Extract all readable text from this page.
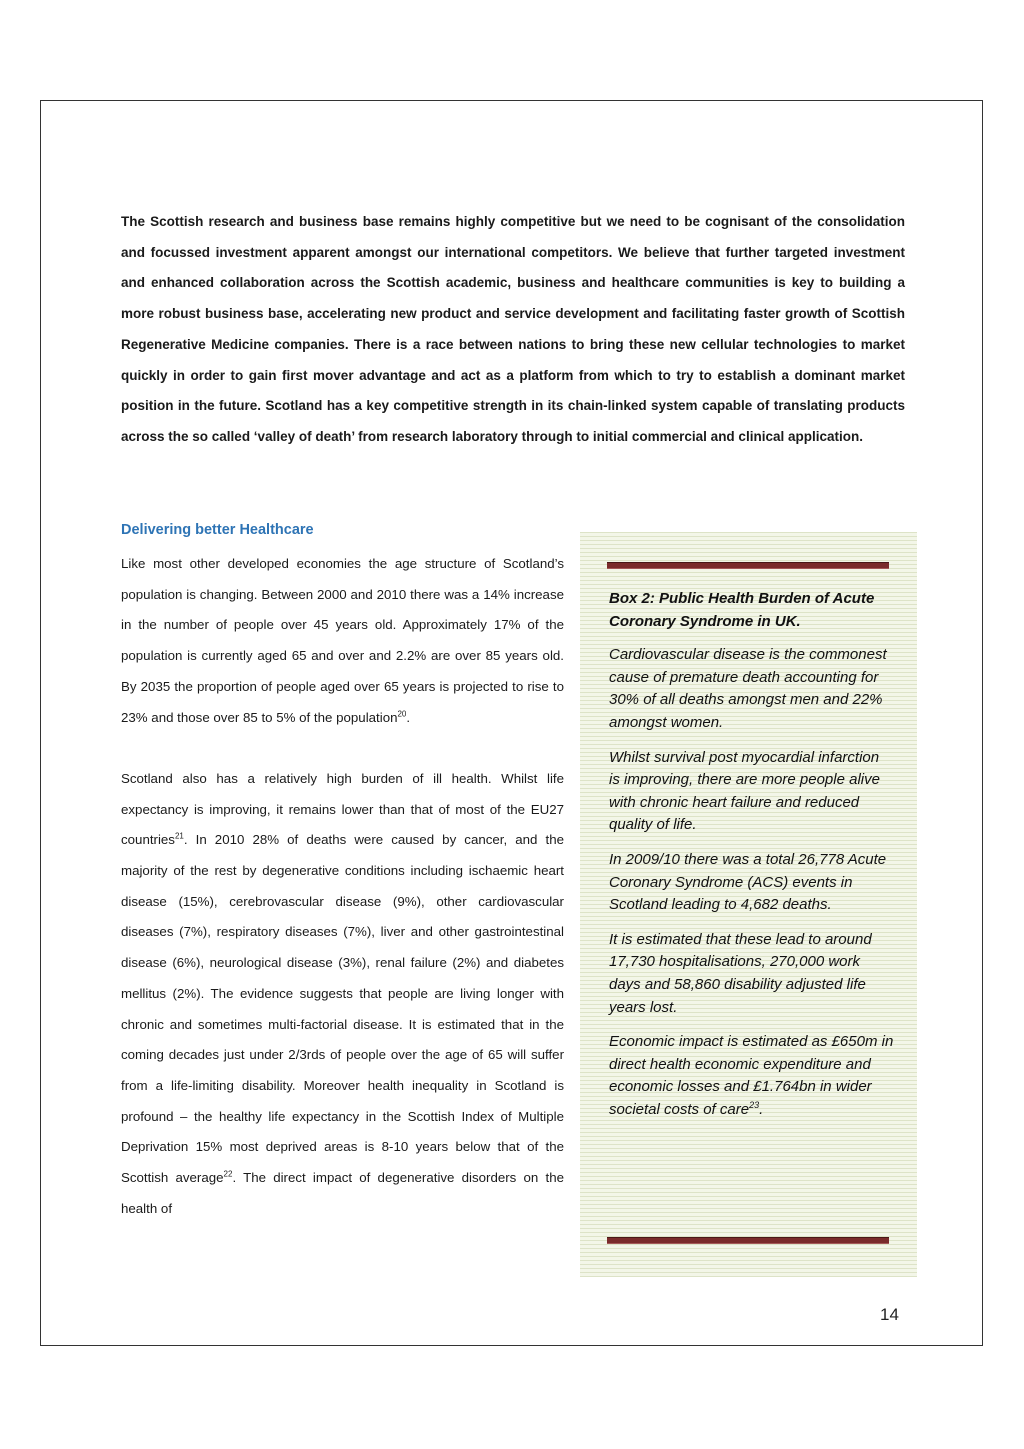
The Scottish research and business base remains highly competitive but we need to be cognisant of the consolidation and focussed investment apparent amongst our international competitors. We believe that further targeted investment and enhanced collaboration across the Scottish academic, business and healthcare communities is key to building a more robust business base, accelerating new product and service development and facilitating faster growth of Scottish Regenerative Medicine companies. There is a race between nations to bring these new cellular technologies to market quickly in order to gain first mover advantage and act as a platform from which to try to establish a dominant market position in the future. Scotland has a key competitive strength in its chain-linked system capable of translating products across the so called ‘valley of death’ from research laboratory through to initial commercial and clinical application.

Delivering better Healthcare

Like most other developed economies the age structure of Scotland’s population is changing. Between 2000 and 2010 there was a 14% increase in the number of people over 45 years old. Approximately 17% of the population is currently aged 65 and over and 2.2% are over 85 years old. By 2035 the proportion of people aged over 65 years is projected to rise to 23% and those over 85 to 5% of the population$^{20}$.

Scotland also has a relatively high burden of ill health. Whilst life expectancy is improving, it remains lower than that of most of the EU27 countries$^{21}$. In 2010 28% of deaths were caused by cancer, and the majority of the rest by degenerative conditions including ischaemic heart disease (15%), cerebrovascular disease (9%), other cardiovascular diseases (7%), respiratory diseases (7%), liver and other gastrointestinal disease (6%), neurological disease (3%), renal failure (2%) and diabetes mellitus (2%). The evidence suggests that people are living longer with chronic and sometimes multi-factorial disease. It is estimated that in the coming decades just under 2/3rds of people over the age of 65 will suffer from a life-limiting disability. Moreover health inequality in Scotland is profound – the healthy life expectancy in the Scottish Index of Multiple Deprivation 15% most deprived areas is 8-10 years below that of the Scottish average$^{22}$. The direct impact of degenerative disorders on the health of

Box 2: Public Health Burden of Acute Coronary Syndrome in UK.

Cardiovascular disease is the commonest cause of premature death accounting for 30% of all deaths amongst men and 22% amongst women.

Whilst survival post myocardial infarction is improving, there are more people alive with chronic heart failure and reduced quality of life.

In 2009/10 there was a total 26,778 Acute Coronary Syndrome (ACS) events in Scotland leading to 4,682 deaths.

It is estimated that these lead to around 17,730 hospitalisations, 270,000 work days and 58,860 disability adjusted life years lost.

Economic impact is estimated as £650m in direct health economic expenditure and economic losses and £1.764bn in wider societal costs of care$^{23}$.

14
